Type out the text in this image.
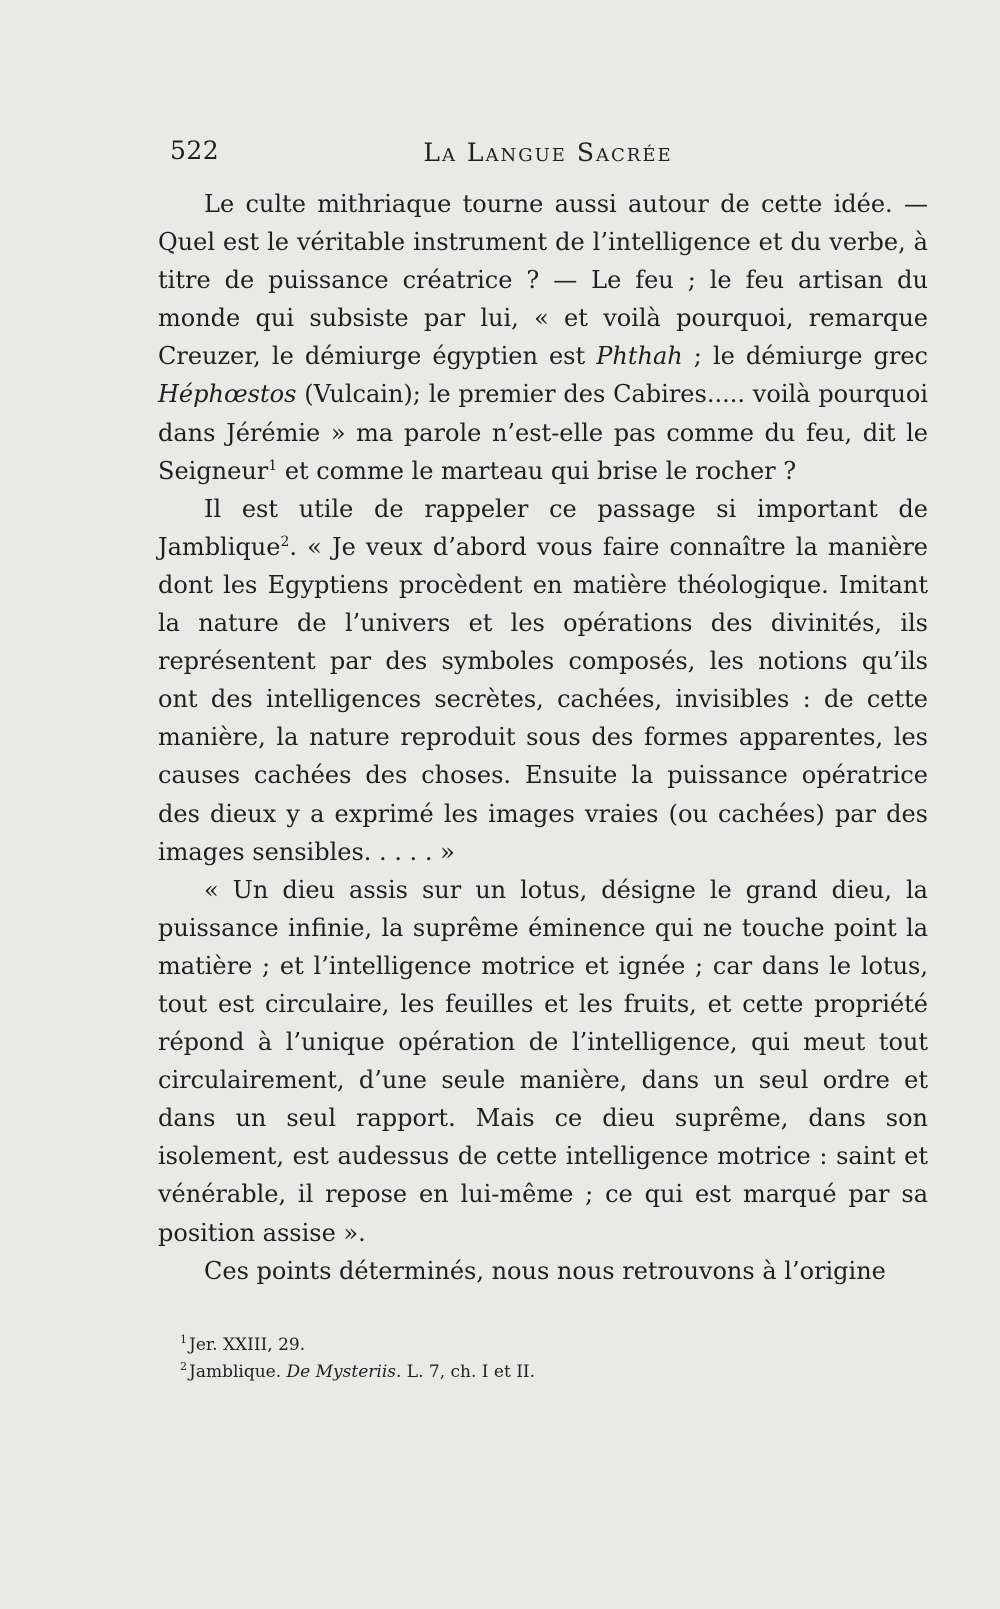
522	La Langue Sacrée

Le culte mithriaque tourne aussi autour de cette idée. — Quel est le véritable instrument de l’intelligence et du verbe, à titre de puissance créatrice ? — Le feu ; le feu artisan du monde qui subsiste par lui, « et voilà pourquoi, remarque Creuzer, le démiurge égyptien est Phthah ; le démiurge grec Héphœstos (Vulcain); le premier des Cabires..... voilà pourquoi dans Jérémie » ma parole n’est-elle pas comme du feu, dit le Seigneur$^1$ et comme le marteau qui brise le rocher ?

Il est utile de rappeler ce passage si important de Jamblique$^2$. « Je veux d’abord vous faire connaître la manière dont les Egyptiens procèdent en matière théologique. Imitant la nature de l’univers et les opérations des divinités, ils représentent par des symboles composés, les notions qu’ils ont des intelligences secrètes, cachées, invisibles : de cette manière, la nature reproduit sous des formes apparentes, les causes cachées des choses. Ensuite la puissance opératrice des dieux y a exprimé les images vraies (ou cachées) par des images sensibles. . . . . »

« Un dieu assis sur un lotus, désigne le grand dieu, la puissance infinie, la suprême éminence qui ne touche point la matière ; et l’intelligence motrice et ignée ; car dans le lotus, tout est circulaire, les feuilles et les fruits, et cette propriété répond à l’unique opération de l’intelligence, qui meut tout circulairement, d’une seule manière, dans un seul ordre et dans un seul rapport. Mais ce dieu suprême, dans son isolement, est audessus de cette intelligence motrice : saint et vénérable, il repose en lui-même ; ce qui est marqué par sa position assise ».

Ces points déterminés, nous nous retrouvons à l’origine

$^1$ Jer. XXIII, 29.

$^2$ Jamblique. De Mysteriis. L. 7, ch. I et II.
